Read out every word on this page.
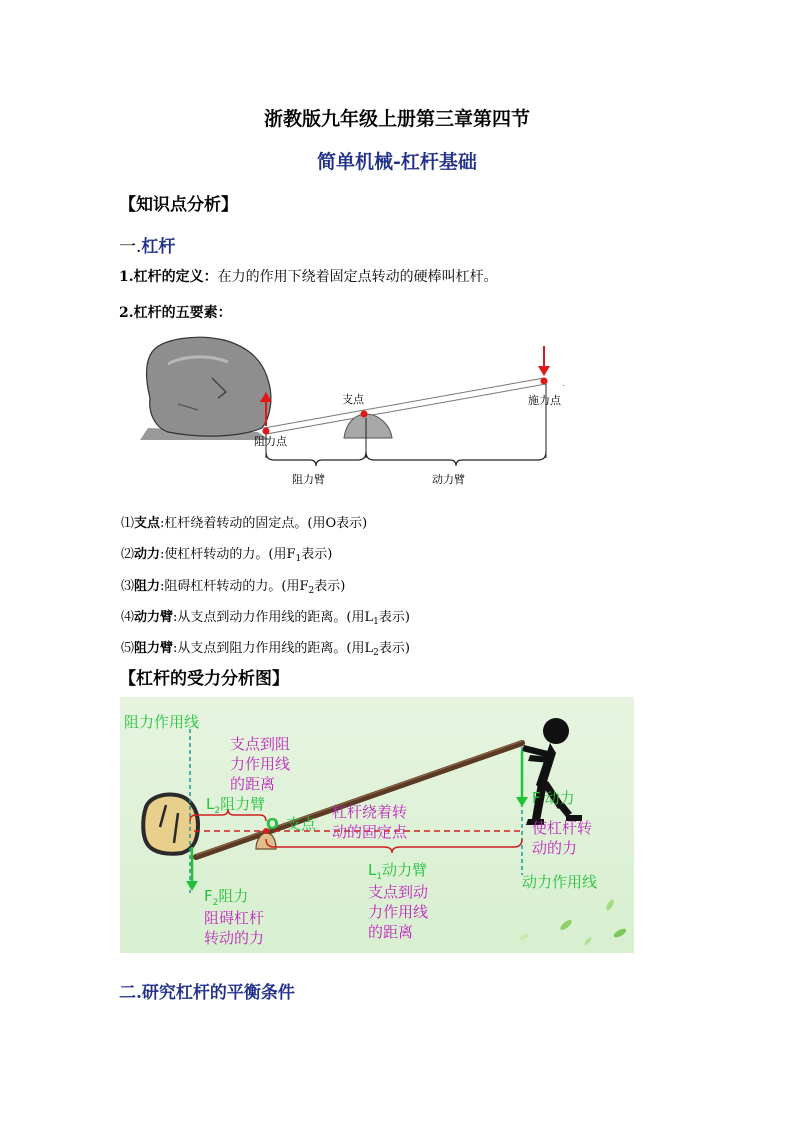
浙教版九年级上册第三章第四节
简单机械-杠杆基础
【知识点分析】
一.杠杆
1.杠杆的定义：在力的作用下绕着固定点转动的硬棒叫杠杆。
2.杠杆的五要素：
支点	施力点
阻力点
阻力臂	动力臂
.
⑴支点:杠杆绕着转动的固定点。(用O表示)
⑵动力:使杠杆转动的力。(用$F_1$表示)
⑶阻力:阻碍杠杆转动的力。(用$F_2$表示)
⑷动力臂:从支点到动力作用线的距离。(用$L_1$表示)
⑸阻力臂:从支点到阻力作用线的距离。(用$L_2$表示)
【杠杆的受力分析图】
阻力作用线
支点到阻
力作用线
的距离
$L_2$阻力臂
O 支点
杠杆绕着转
动的固定点
F 动力
使杠杆转
动的力
$L_1$动力臂
动力作用线
支点到动
力作用线
的距离
$F_2$阻力
阻碍杠杆
转动的力
二.研究杠杆的平衡条件
